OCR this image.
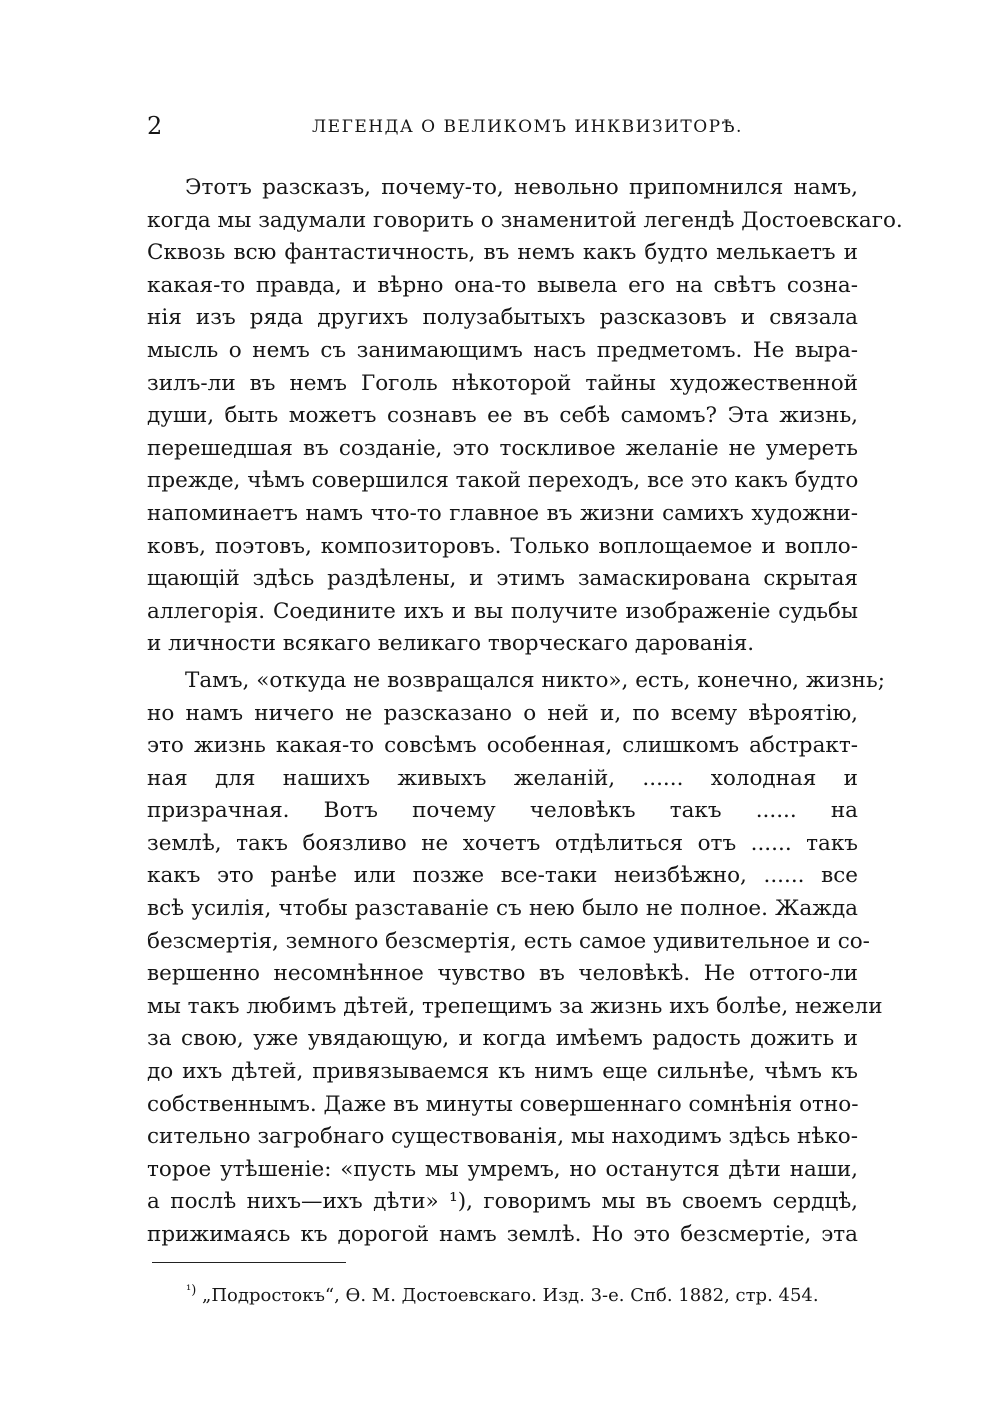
2	ЛЕГЕНДА О ВЕЛИКОМЪ ИНКВИЗИТОРѢ.
Этотъ разсказъ, почему-то, невольно припомнился намъ,
когда мы задумали говорить о знаменитой легендѣ Достоевскаго.
Сквозь всю фантастичность, въ немъ какъ будто мелькаетъ и
какая-то правда, и вѣрно она-то вывела его на свѣтъ созна-
нія изъ ряда другихъ полузабытыхъ разсказовъ и связала
мысль о немъ съ занимающимъ насъ предметомъ. Не выра-
зилъ-ли въ немъ Гоголь нѣкоторой тайны художественной
души, быть можетъ сознавъ ее въ себѣ самомъ? Эта жизнь,
перешедшая въ созданіе, это тоскливое желаніе не умереть
прежде, чѣмъ совершился такой переходъ, все это какъ будто
напоминаетъ намъ что-то главное въ жизни самихъ художни-
ковъ, поэтовъ, композиторовъ. Только воплощаемое и вопло-
щающій здѣсь раздѣлены, и этимъ замаскирована скрытая
аллегорія. Соедините ихъ и вы получите изображеніе судьбы
и личности всякаго великаго творческаго дарованія.
Тамъ, «откуда не возвращался никто», есть, конечно, жизнь;
но намъ ничего не разсказано о ней и, по всему вѣроятію,
это жизнь какая-то совсѣмъ особенная, слишкомъ абстракт-
ная для нашихъ живыхъ желаній, ...... холодная и
призрачная. Вотъ почему человѣкъ такъ ...... на
землѣ, такъ боязливо не хочетъ отдѣлиться отъ ...... такъ
какъ это ранѣе или позже все-таки неизбѣжно, ...... все
всѣ усилія, чтобы разставаніе съ нею было не полное. Жажда
безсмертія, земного безсмертія, есть самое удивительное и со-
вершенно несомнѣнное чувство въ человѣкѣ. Не оттого-ли
мы такъ любимъ дѣтей, трепещимъ за жизнь ихъ болѣе, нежели
за свою, уже увядающую, и когда имѣемъ радость дожить и
до ихъ дѣтей, привязываемся къ нимъ еще сильнѣе, чѣмъ къ
собственнымъ. Даже въ минуты совершеннаго сомнѣнія отно-
сительно загробнаго существованія, мы находимъ здѣсь нѣко-
торое утѣшеніе: «пусть мы умремъ, но останутся дѣти наши,
а послѣ нихъ—ихъ дѣти» ¹), говоримъ мы въ своемъ сердцѣ,
прижимаясь къ дорогой намъ землѣ. Но это безсмертіе, эта
$^{^1)}$ „Подростокъ“, Ѳ. М. Достоевскаго. Изд. 3-е. Спб. 1882, стр. 454.
